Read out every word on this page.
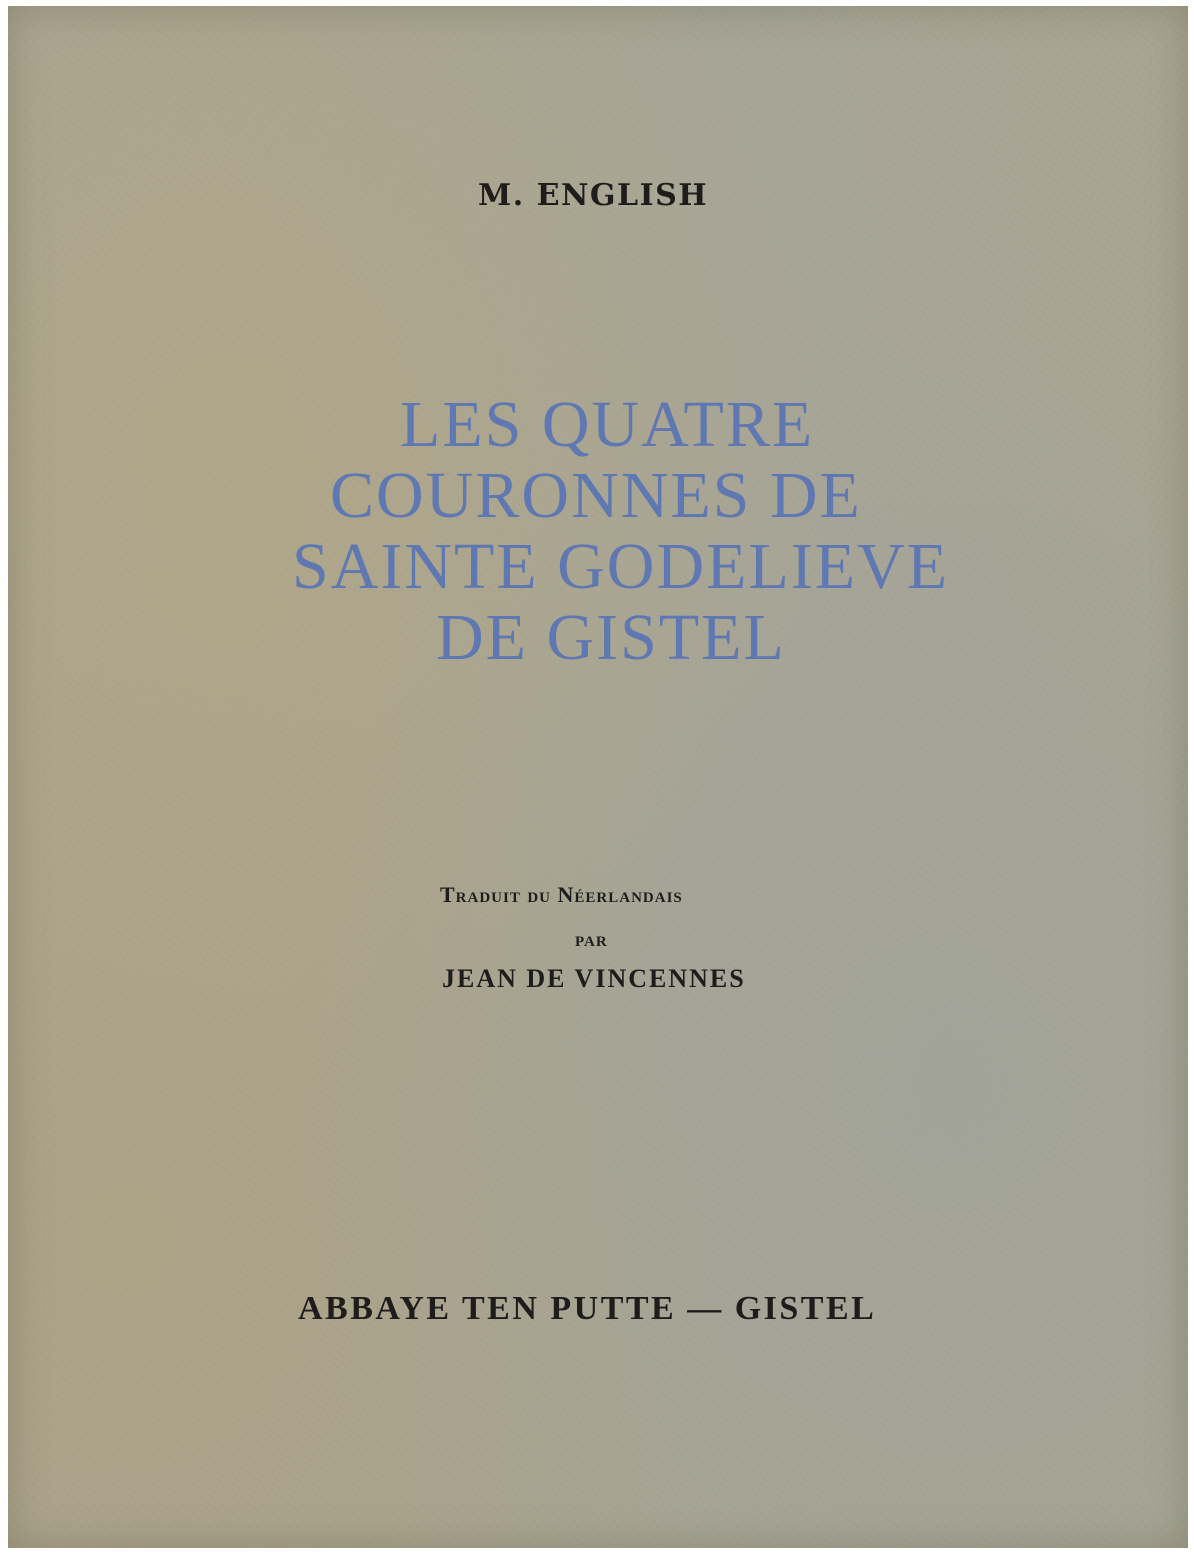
M. ENGLISH
LES QUATRE
COURONNES DE
SAINTE GODELIEVE
DE GISTEL
Traduit du Néerlandais
par
JEAN DE VINCENNES
ABBAYE TEN PUTTE — GISTEL
